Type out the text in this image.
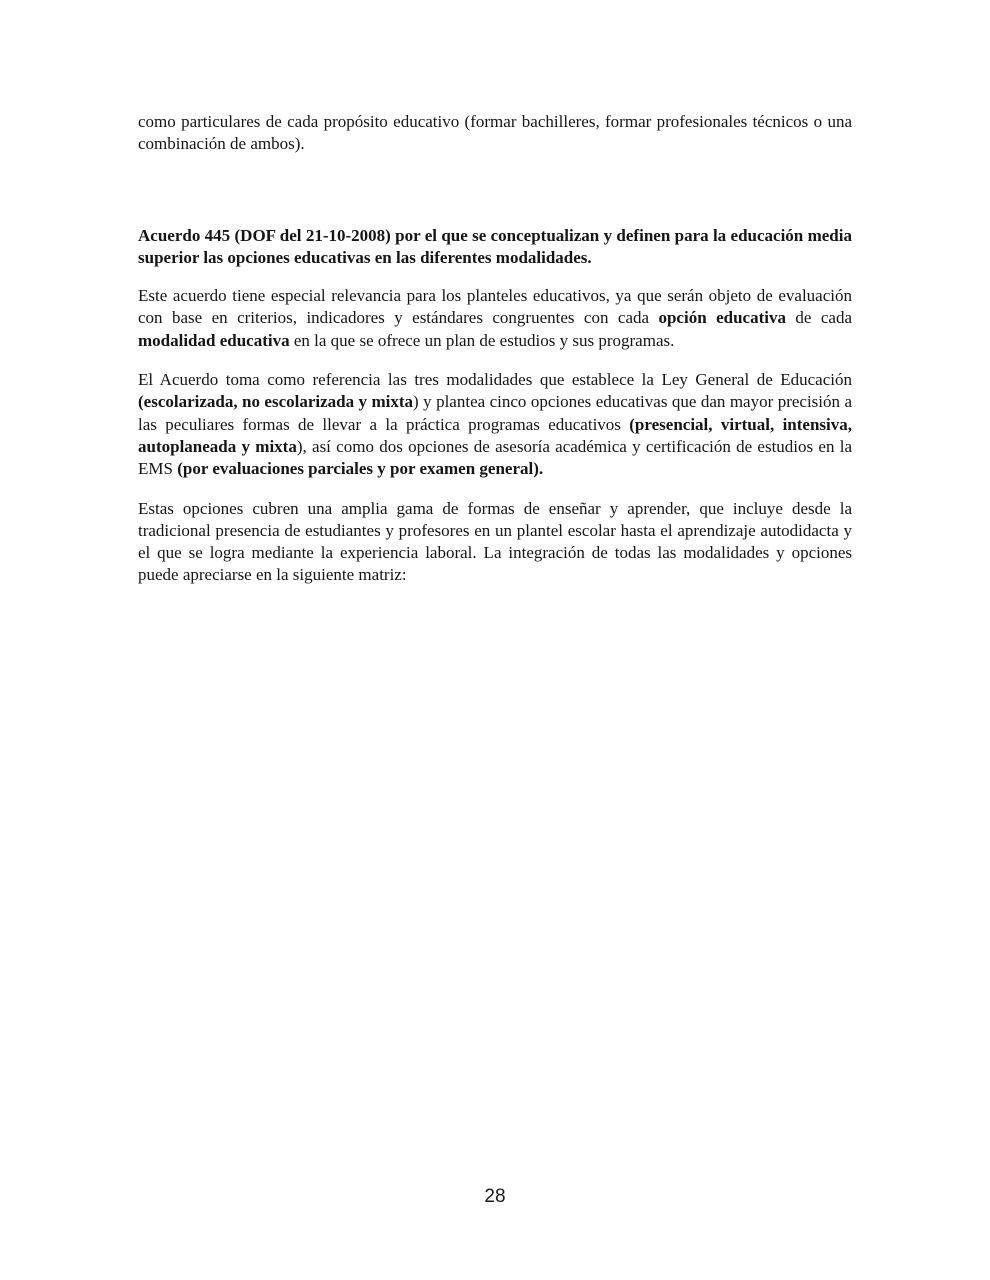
como particulares de cada propósito educativo (formar bachilleres, formar profesionales técnicos o una combinación de ambos).

Acuerdo 445 (DOF del 21-10-2008) por el que se conceptualizan y definen para la educación media superior las opciones educativas en las diferentes modalidades.

Este acuerdo tiene especial relevancia para los planteles educativos, ya que serán objeto de evaluación con base en criterios, indicadores y estándares congruentes con cada opción educativa de cada modalidad educativa en la que se ofrece un plan de estudios y sus programas.

El Acuerdo toma como referencia las tres modalidades que establece la Ley General de Educación (escolarizada, no escolarizada y mixta) y plantea cinco opciones educativas que dan mayor precisión a las peculiares formas de llevar a la práctica programas educativos (presencial, virtual, intensiva, autoplaneada y mixta), así como dos opciones de asesoría académica y certificación de estudios en la EMS (por evaluaciones parciales y por examen general).

Estas opciones cubren una amplia gama de formas de enseñar y aprender, que incluye desde la tradicional presencia de estudiantes y profesores en un plantel escolar hasta el aprendizaje autodidacta y el que se logra mediante la experiencia laboral. La integración de todas las modalidades y opciones puede apreciarse en la siguiente matriz:

28
